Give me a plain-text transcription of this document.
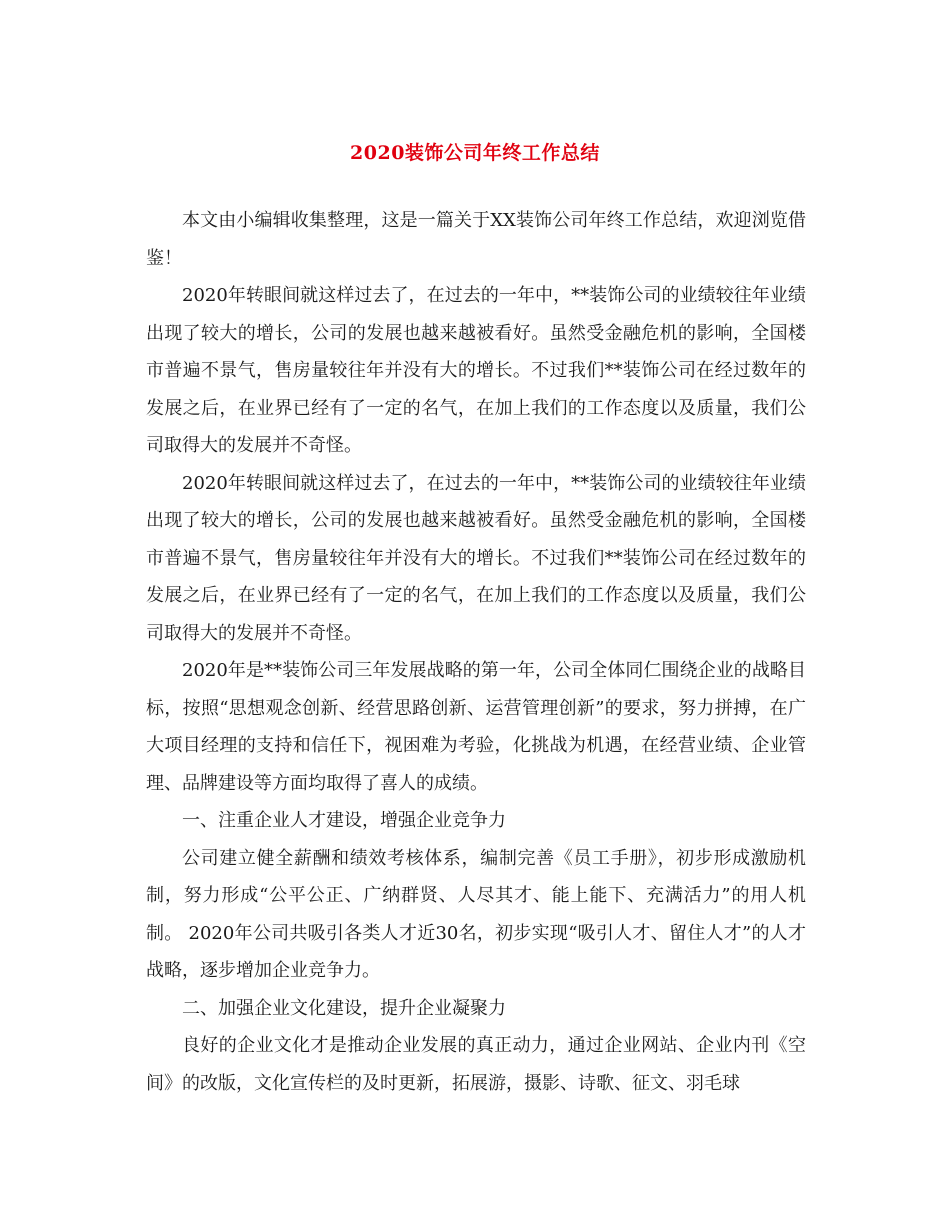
2020装饰公司年终工作总结

本文由小编辑收集整理，这是一篇关于XX装饰公司年终工作总结，欢迎浏览借鉴！

2020年转眼间就这样过去了，在过去的一年中，**装饰公司的业绩较往年业绩出现了较大的增长，公司的发展也越来越被看好。虽然受金融危机的影响，全国楼市普遍不景气，售房量较往年并没有大的增长。不过我们**装饰公司在经过数年的发展之后，在业界已经有了一定的名气，在加上我们的工作态度以及质量，我们公司取得大的发展并不奇怪。

2020年转眼间就这样过去了，在过去的一年中，**装饰公司的业绩较往年业绩出现了较大的增长，公司的发展也越来越被看好。虽然受金融危机的影响，全国楼市普遍不景气，售房量较往年并没有大的增长。不过我们**装饰公司在经过数年的发展之后，在业界已经有了一定的名气，在加上我们的工作态度以及质量，我们公司取得大的发展并不奇怪。

2020年是**装饰公司三年发展战略的第一年，公司全体同仁围绕企业的战略目标，按照“思想观念创新、经营思路创新、运营管理创新”的要求，努力拼搏，在广大项目经理的支持和信任下，视困难为考验，化挑战为机遇，在经营业绩、企业管理、品牌建设等方面均取得了喜人的成绩。

一、注重企业人才建设，增强企业竞争力

公司建立健全薪酬和绩效考核体系，编制完善《员工手册》，初步形成激励机制，努力形成“公平公正、广纳群贤、人尽其才、能上能下、充满活力”的用人机制。 2020年公司共吸引各类人才近30名，初步实现“吸引人才、留住人才”的人才战略，逐步增加企业竞争力。

二、加强企业文化建设，提升企业凝聚力

良好的企业文化才是推动企业发展的真正动力，通过企业网站、企业内刊《空间》的改版，文化宣传栏的及时更新，拓展游，摄影、诗歌、征文、羽毛球
